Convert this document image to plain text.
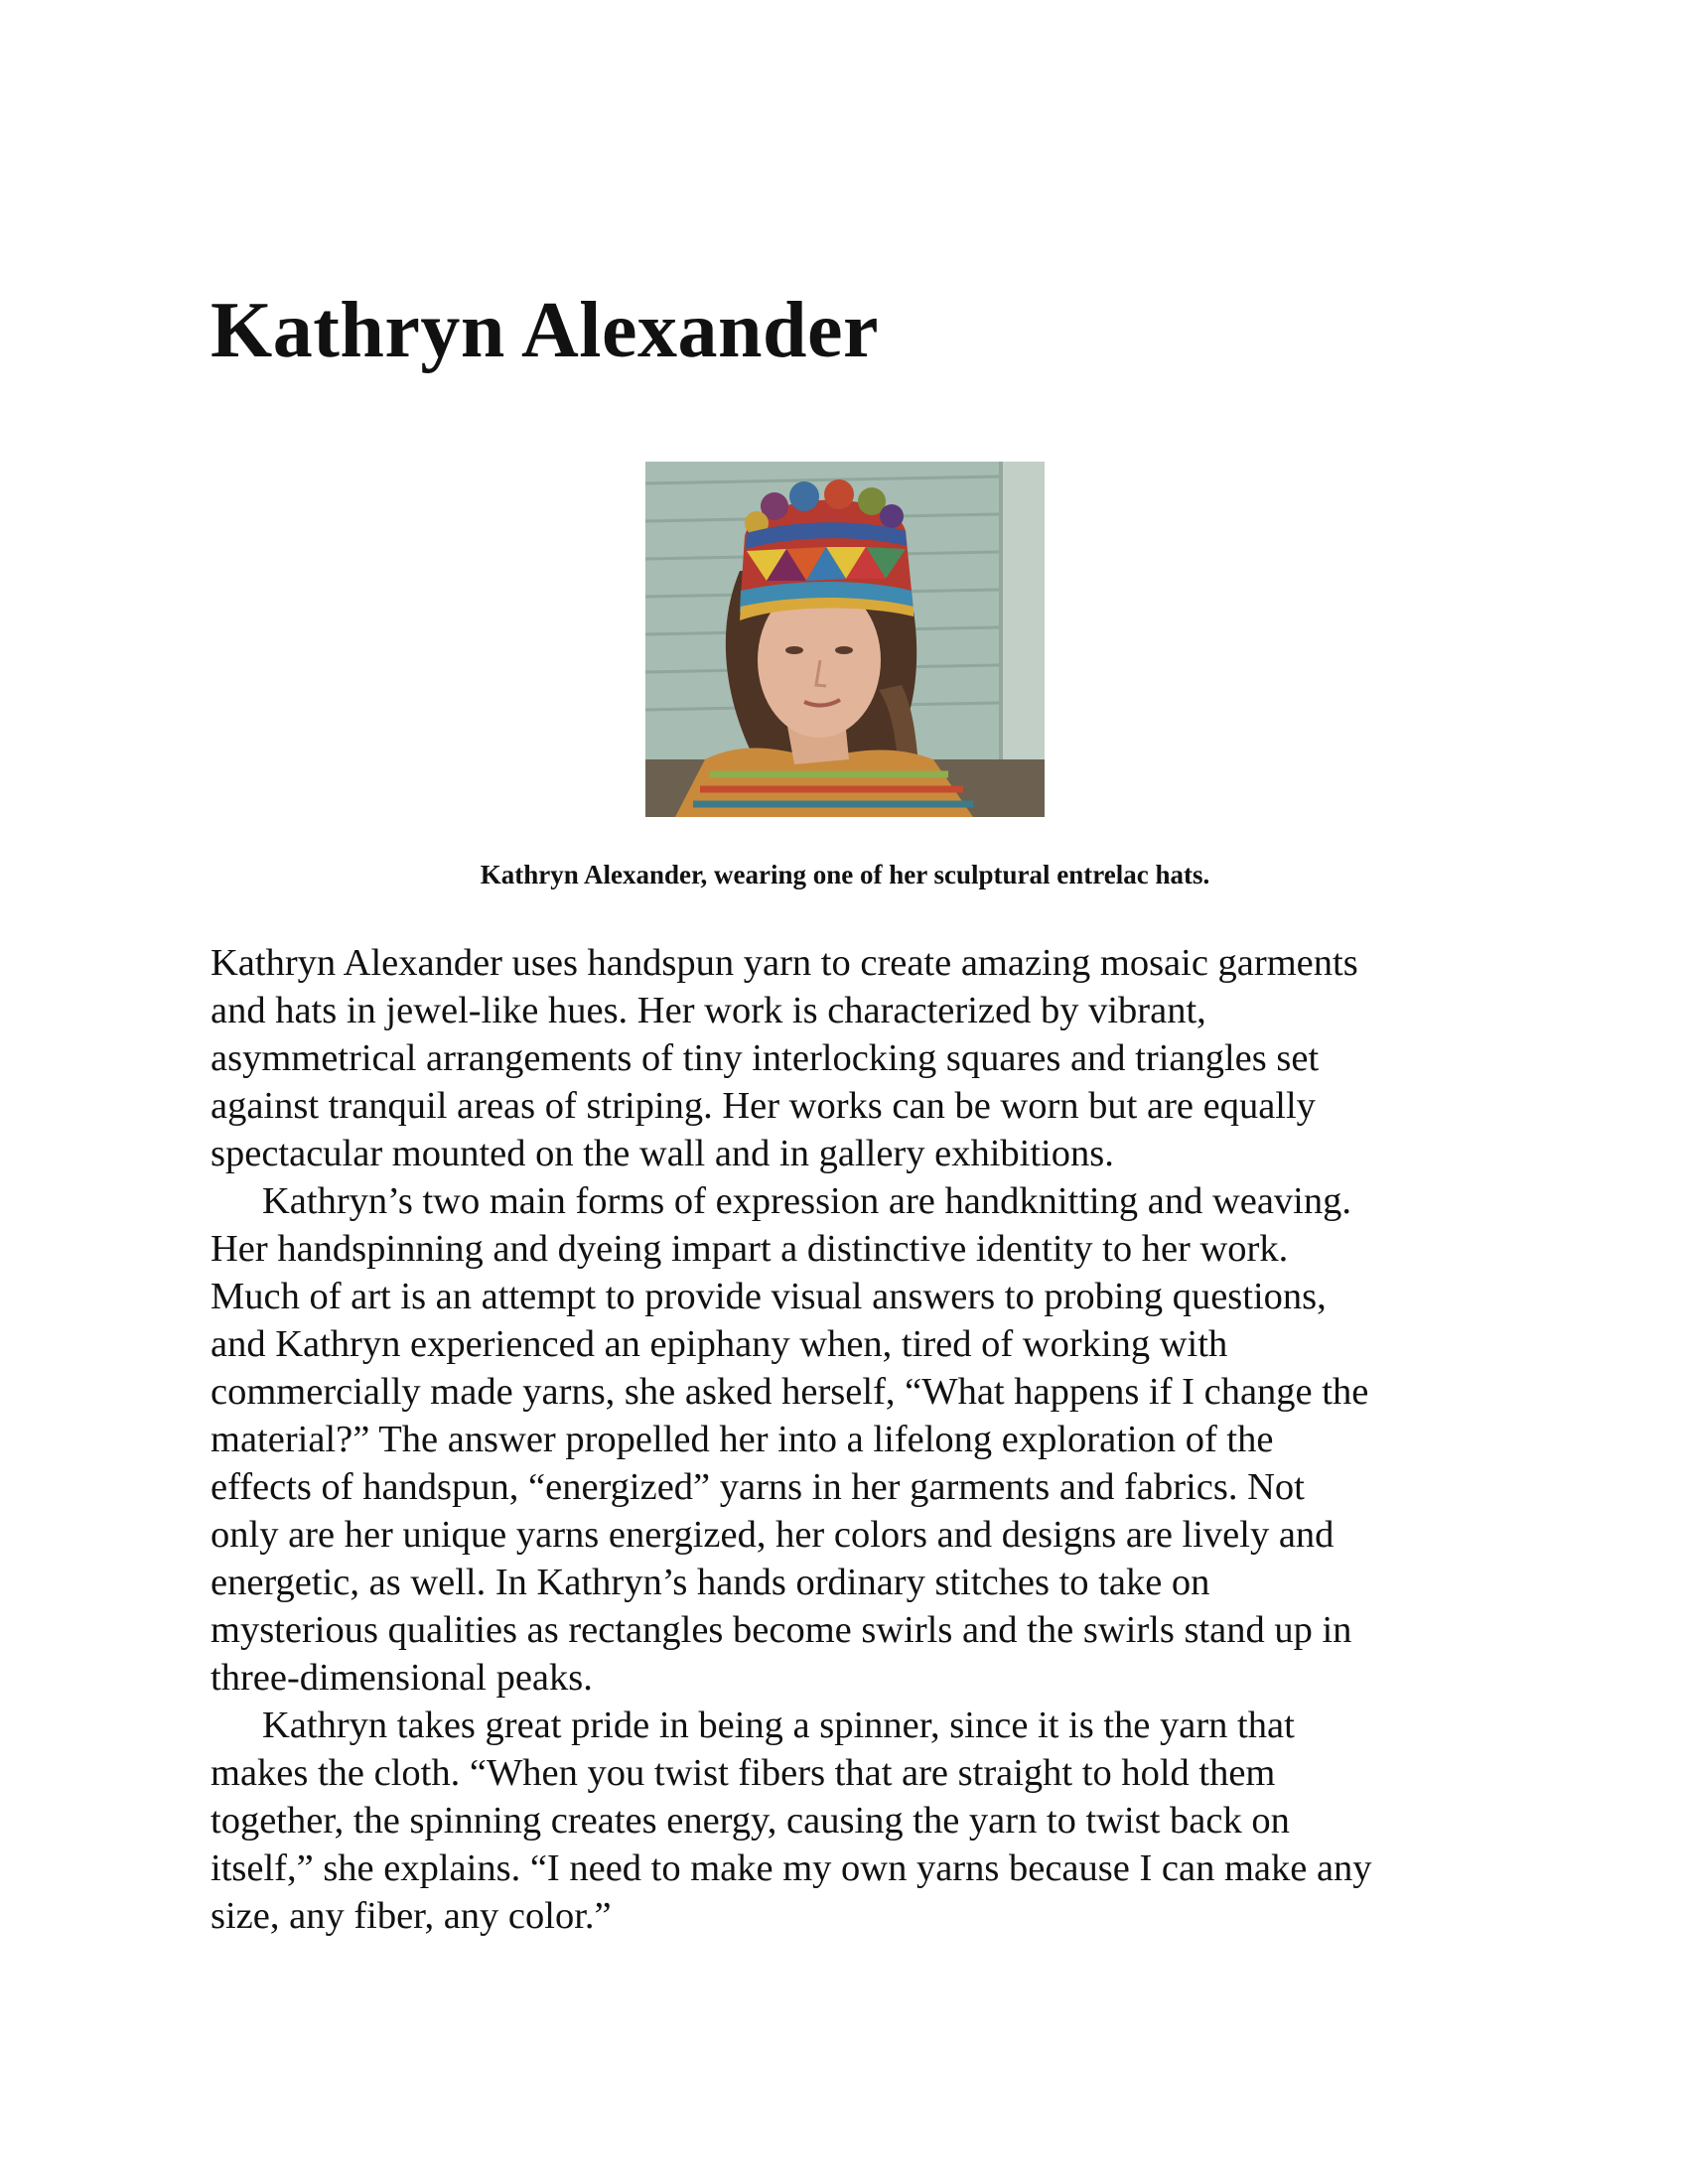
Kathryn Alexander

Kathryn Alexander, wearing one of her sculptural entrelac hats.

Kathryn Alexander uses handspun yarn to create amazing mosaic garments
and hats in jewel-like hues. Her work is characterized by vibrant,
asymmetrical arrangements of tiny interlocking squares and triangles set
against tranquil areas of striping. Her works can be worn but are equally
spectacular mounted on the wall and in gallery exhibitions.
Kathryn’s two main forms of expression are handknitting and weaving.
Her handspinning and dyeing impart a distinctive identity to her work.
Much of art is an attempt to provide visual answers to probing questions,
and Kathryn experienced an epiphany when, tired of working with
commercially made yarns, she asked herself, “What happens if I change the
material?” The answer propelled her into a lifelong exploration of the
effects of handspun, “energized” yarns in her garments and fabrics. Not
only are her unique yarns energized, her colors and designs are lively and
energetic, as well. In Kathryn’s hands ordinary stitches to take on
mysterious qualities as rectangles become swirls and the swirls stand up in
three-dimensional peaks.
Kathryn takes great pride in being a spinner, since it is the yarn that
makes the cloth. “When you twist fibers that are straight to hold them
together, the spinning creates energy, causing the yarn to twist back on
itself,” she explains. “I need to make my own yarns because I can make any
size, any fiber, any color.”
